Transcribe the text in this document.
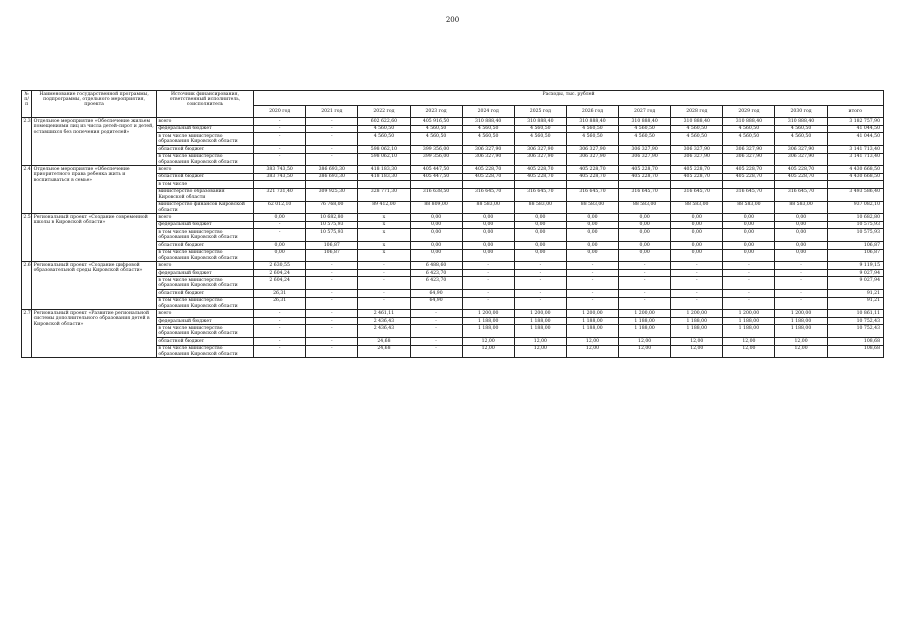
200
№ п/п	Наименование государственной программы, подпрограммы, отдельного мероприятия, проекта	Источник финансирования, ответственный исполнитель, соисполнитель	Расходы, тыс. рублей											
			2020 год	2021 год	2022 год	2023 год	2024 год	2025 год	2026 год	2027 год	2028 год	2029 год	2030 год	итого
2.3	Отдельное мероприятие «Обеспечение жильем помещениями лиц из числа детей-сирот и детей, оставшихся без попечения родителей»	всего	-	-	602 622,60	405 916,50	310 888,40	310 888,40	310 888,40	310 888,40	310 888,40	310 888,40	310 888,40	3 182 757,90
		федеральный бюджет	-	-	4 560,50	4 560,50	4 560,50	4 560,50	4 560,50	4 560,50	4 560,50	4 560,50	4 560,50	41 044,50
		в том числе министерство образования Кировской области	-	-	4 560,50	4 560,50	4 560,50	4 560,50	4 560,50	4 560,50	4 560,50	4 560,50	4 560,50	41 044,50
		областной бюджет	-	-	598 062,10	399 356,00	306 327,90	306 327,90	306 327,90	306 327,90	306 327,90	306 327,90	306 327,90	3 141 713,40
		в том числе министерство образования Кировской области	-	-	598 062,10	399 356,00	306 327,90	306 327,90	306 327,90	306 327,90	306 327,90	306 327,90	306 327,90	3 141 713,40
2.4	Отдельное мероприятие «Обеспечение приоритетного права ребенка жить и воспитываться в семье»	всего	383 743,50	386 693,30	418 183,30	405 447,50	405 228,70	405 228,70	405 228,70	405 228,70	405 228,70	405 228,70	405 228,70	4 430 668,50
		областной бюджет	383 743,50	386 693,30	418 183,30	405 447,50	405 228,70	405 228,70	405 228,70	405 228,70	405 228,70	405 228,70	405 228,70	4 430 668,50
		в том числе												
		министерство образования Кировской области	321 731,40	309 925,30	328 771,30	316 638,50	316 645,70	316 645,70	316 645,70	316 645,70	316 645,70	316 645,70	316 645,70	3 493 586,40
		министерство финансов Кировской области	62 012,10	76 768,00	89 412,00	88 809,00	88 583,00	88 583,00	88 583,00	88 583,00	88 583,00	88 583,00	88 583,00	937 082,10
2.5	Региональный проект «Создание современной школы в Кировской области»	всего	0,00	10 682,80	х	0,00	0,00	0,00	0,00	0,00	0,00	0,00	0,00	10 682,80
		федеральный бюджет	-	10 575,93	х	0,00	0,00	0,00	0,00	0,00	0,00	0,00	0,00	10 575,93
		в том числе министерство образования Кировской области	-	10 575,93	х	0,00	0,00	0,00	0,00	0,00	0,00	0,00	0,00	10 575,93
		областной бюджет	0,00	106,87	х	0,00	0,00	0,00	0,00	0,00	0,00	0,00	0,00	106,87
		в том числе министерство образования Кировской области	0,00	106,87	х	0,00	0,00	0,00	0,00	0,00	0,00	0,00	0,00	106,87
2.6	Региональный проект «Создание цифровой образовательной среды Кировской области»	всего	2 630,55	-	-	6 488,60	-	-	-	-	-	-	-	9 119,15
		федеральный бюджет	2 604,24	-	-	6 423,70	-	-	-	-	-	-	-	9 027,94
		в том числе министерство образования Кировской области	2 604,24	-	-	6 423,70	-	-	-	-	-	-	-	9 027,94
		областной бюджет	26,31	-	-	64,90	-	-	-	-	-	-	-	91,21
		в том числе министерство образования Кировской области	26,31	-	-	64,90	-	-	-	-	-	-	-	91,21
2.7	Региональный проект «Развитие региональной системы дополнительного образования детей в Кировской области»	всего	-	-	2 461,11	-	1 200,00	1 200,00	1 200,00	1 200,00	1 200,00	1 200,00	1 200,00	10 861,11
		федеральный бюджет	-	-	2 436,43	-	1 188,00	1 188,00	1 188,00	1 188,00	1 188,00	1 188,00	1 188,00	10 752,43
		в том числе министерство образования Кировской области	-	-	2 436,43	-	1 188,00	1 188,00	1 188,00	1 188,00	1 188,00	1 188,00	1 188,00	10 752,43
		областной бюджет	-	-	24,68	-	12,00	12,00	12,00	12,00	12,00	12,00	12,00	108,68
		в том числе министерство образования Кировской области	-	-	24,68	-	12,00	12,00	12,00	12,00	12,00	12,00	12,00	108,68
